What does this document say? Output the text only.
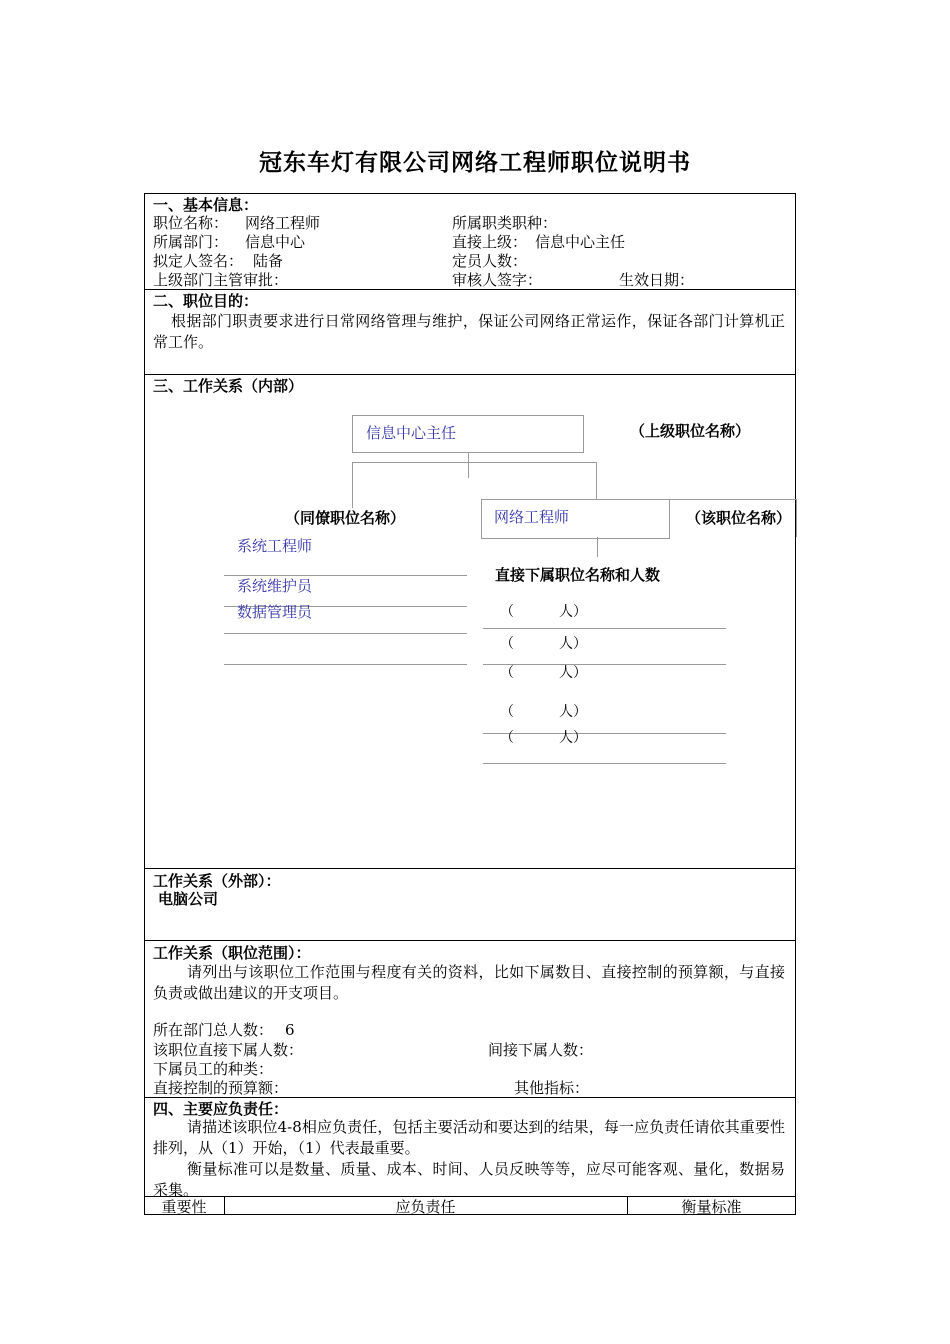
冠东车灯有限公司网络工程师职位说明书
一、基本信息：
职位名称： 网络工程师	所属职类职种：
所属部门： 信息中心	直接上级： 信息中心主任
拟定人签名： 陆备	定员人数：
上级部门主管审批：	审核人签字：	生效日期：
二、职位目的：
根据部门职责要求进行日常网络管理与维护，保证公司网络正常运作，保证各部门计算机正常工作。
三、工作关系（内部）
信息中心主任	（上级职位名称）
网络工程师	（该职位名称）
（同僚职位名称）
系统工程师
系统维护员
数据管理员
直接下属职位名称和人数
（	人）
（	人）
（	人）
（	人）
（	人）
工作关系（外部）：
电脑公司
工作关系（职位范围）：
请列出与该职位工作范围与程度有关的资料，比如下属数目、直接控制的预算额，与直接负责或做出建议的开支项目。
所在部门总人数： 6
该职位直接下属人数：	间接下属人数：
下属员工的种类：
直接控制的预算额：	其他指标：
四、主要应负责任：
请描述该职位4-8相应负责任，包括主要活动和要达到的结果，每一应负责任请依其重要性排列，从（1）开始，（1）代表最重要。
衡量标准可以是数量、质量、成本、时间、人员反映等等，应尽可能客观、量化，数据易采集。
重要性	应负责任	衡量标准
